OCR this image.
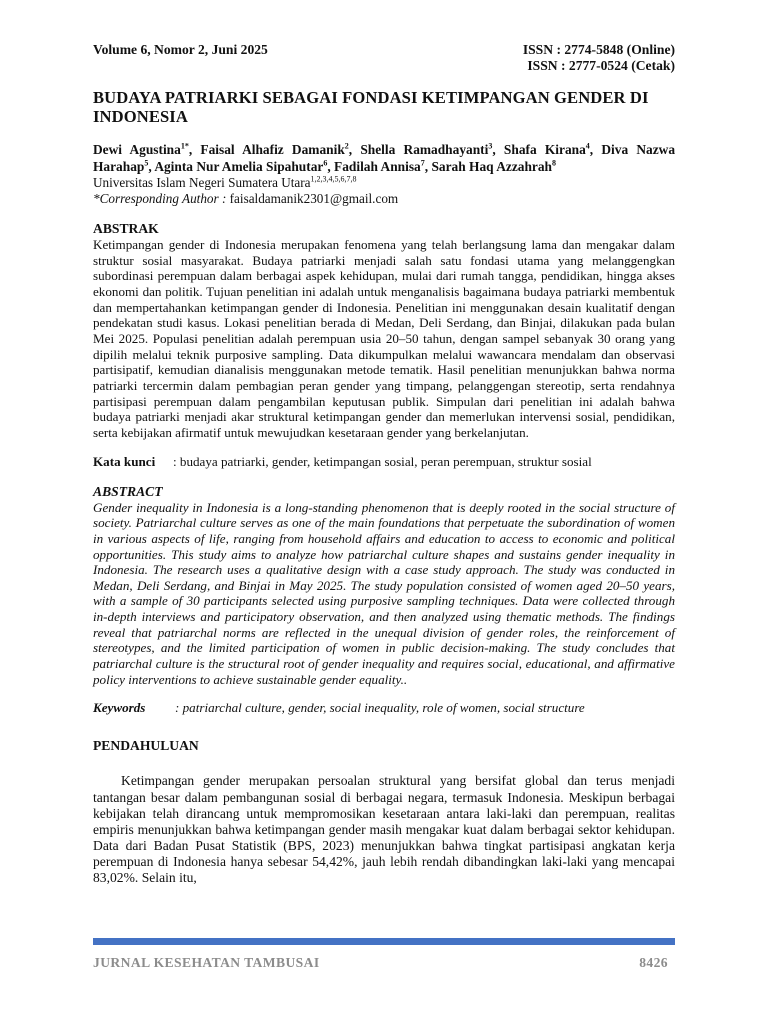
Volume 6, Nomor 2, Juni 2025	ISSN : 2774-5848 (Online)
ISSN : 2777-0524 (Cetak)
BUDAYA PATRIARKI SEBAGAI FONDASI KETIMPANGAN GENDER DI INDONESIA
Dewi Agustina$^{1*}$, Faisal Alhafiz Damanik$^2$, Shella Ramadhayanti$^3$, Shafa Kirana$^4$, Diva Nazwa Harahap$^5$, Aginta Nur Amelia Sipahutar$^6$, Fadilah Annisa$^7$, Sarah Haq Azzahrah$^8$
Universitas Islam Negeri Sumatera Utara$^{1,2,3,4,5,6,7,8}$
*Corresponding Author : faisaldamanik2301@gmail.com
ABSTRAK

Ketimpangan gender di Indonesia merupakan fenomena yang telah berlangsung lama dan mengakar dalam struktur sosial masyarakat. Budaya patriarki menjadi salah satu fondasi utama yang melanggengkan subordinasi perempuan dalam berbagai aspek kehidupan, mulai dari rumah tangga, pendidikan, hingga akses ekonomi dan politik. Tujuan penelitian ini adalah untuk menganalisis bagaimana budaya patriarki membentuk dan mempertahankan ketimpangan gender di Indonesia. Penelitian ini menggunakan desain kualitatif dengan pendekatan studi kasus. Lokasi penelitian berada di Medan, Deli Serdang, dan Binjai, dilakukan pada bulan Mei 2025. Populasi penelitian adalah perempuan usia 20–50 tahun, dengan sampel sebanyak 30 orang yang dipilih melalui teknik purposive sampling. Data dikumpulkan melalui wawancara mendalam dan observasi partisipatif, kemudian dianalisis menggunakan metode tematik. Hasil penelitian menunjukkan bahwa norma patriarki tercermin dalam pembagian peran gender yang timpang, pelanggengan stereotip, serta rendahnya partisipasi perempuan dalam pengambilan keputusan publik. Simpulan dari penelitian ini adalah bahwa budaya patriarki menjadi akar struktural ketimpangan gender dan memerlukan intervensi sosial, pendidikan, serta kebijakan afirmatif untuk mewujudkan kesetaraan gender yang berkelanjutan.

Kata kunci	: budaya patriarki, gender, ketimpangan sosial, peran perempuan, struktur sosial
ABSTRACT

Gender inequality in Indonesia is a long-standing phenomenon that is deeply rooted in the social structure of society. Patriarchal culture serves as one of the main foundations that perpetuate the subordination of women in various aspects of life, ranging from household affairs and education to access to economic and political opportunities. This study aims to analyze how patriarchal culture shapes and sustains gender inequality in Indonesia. The research uses a qualitative design with a case study approach. The study was conducted in Medan, Deli Serdang, and Binjai in May 2025. The study population consisted of women aged 20–50 years, with a sample of 30 participants selected using purposive sampling techniques. Data were collected through in-depth interviews and participatory observation, and then analyzed using thematic methods. The findings reveal that patriarchal norms are reflected in the unequal division of gender roles, the reinforcement of stereotypes, and the limited participation of women in public decision-making. The study concludes that patriarchal culture is the structural root of gender inequality and requires social, educational, and affirmative policy interventions to achieve sustainable gender equality..

Keywords	: patriarchal culture, gender, social inequality, role of women, social structure
PENDAHULUAN

Ketimpangan gender merupakan persoalan struktural yang bersifat global dan terus menjadi tantangan besar dalam pembangunan sosial di berbagai negara, termasuk Indonesia. Meskipun berbagai kebijakan telah dirancang untuk mempromosikan kesetaraan antara laki-laki dan perempuan, realitas empiris menunjukkan bahwa ketimpangan gender masih mengakar kuat dalam berbagai sektor kehidupan. Data dari Badan Pusat Statistik (BPS, 2023) menunjukkan bahwa tingkat partisipasi angkatan kerja perempuan di Indonesia hanya sebesar 54,42%, jauh lebih rendah dibandingkan laki-laki yang mencapai 83,02%. Selain itu,

JURNAL KESEHATAN TAMBUSAI	8426
